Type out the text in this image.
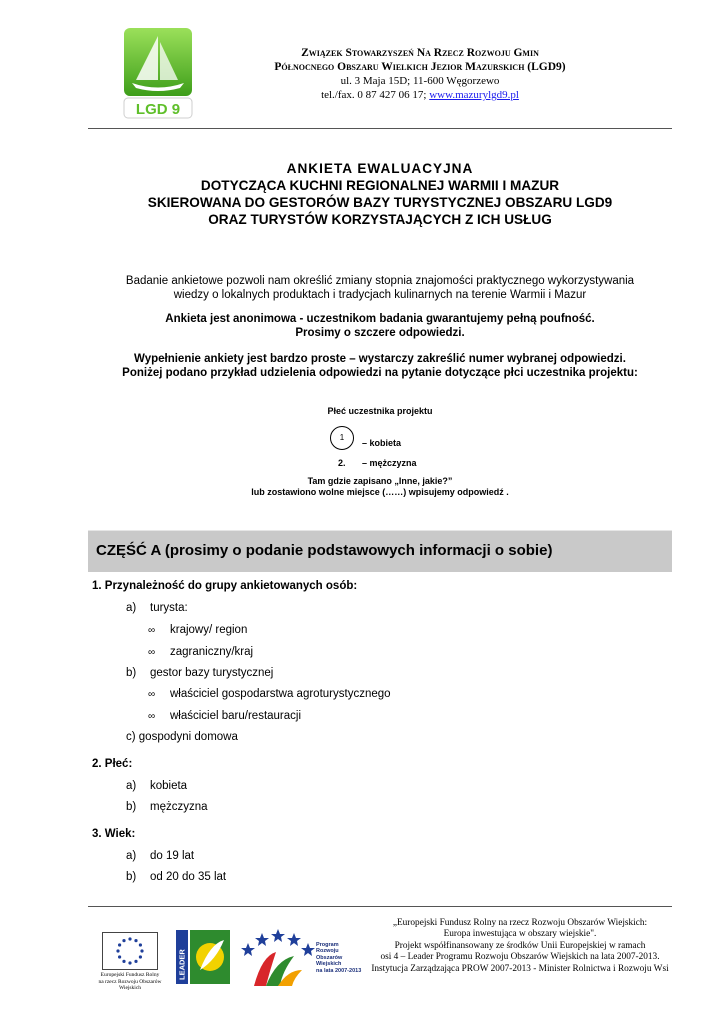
LGD 9
Związek Stowarzyszeń Na Rzecz Rozwoju Gmin
Północnego Obszaru Wielkich Jezior Mazurskich (LGD9)
ul. 3 Maja 15D; 11-600 Węgorzewo
tel./fax. 0 87 427 06 17; www.mazurylgd9.pl
ANKIETA EWALUACYJNA
DOTYCZĄCA KUCHNI REGIONALNEJ WARMII I MAZUR
SKIEROWANA DO GESTORÓW BAZY TURYSTYCZNEJ OBSZARU LGD9
ORAZ TURYSTÓW KORZYSTAJĄCYCH Z ICH USŁUG
Badanie ankietowe pozwoli nam określić zmiany stopnia znajomości praktycznego wykorzystywania
wiedzy o lokalnych produktach i tradycjach kulinarnych na terenie Warmii i Mazur
Ankieta jest anonimowa - uczestnikom badania gwarantujemy pełną poufność.
Prosimy o szczere odpowiedzi.
Wypełnienie ankiety jest bardzo proste – wystarczy zakreślić numer wybranej odpowiedzi.
Poniżej podano przykład udzielenia odpowiedzi na pytanie dotyczące płci uczestnika projektu:
Płeć uczestnika projektu
1
– kobieta
2. – mężczyzna
Tam gdzie zapisano „Inne, jakie?”
lub zostawiono wolne miejsce (……) wpisujemy odpowiedź .
CZĘŚĆ A (prosimy o podanie podstawowych informacji o sobie)
1. Przynależność do grupy ankietowanych osób:
a) turysta:
∞ krajowy/ region
∞ zagraniczny/kraj
b) gestor bazy turystycznej
∞ właściciel gospodarstwa agroturystycznego
∞ właściciel baru/restauracji
c) gospodyni domowa
2. Płeć:
a) kobieta
b) mężczyzna
3. Wiek:
a) do 19 lat
b) od 20 do 35 lat
Europejski Fundusz Rolny
na rzecz Rozwoju Obszarów Wiejskich
LEADER
Program
Rozwoju
Obszarów
Wiejskich
na lata 2007-2013
„Europejski Fundusz Rolny na rzecz Rozwoju Obszarów Wiejskich:
Europa inwestująca w obszary wiejskie".
Projekt współfinansowany ze środków Unii Europejskiej w ramach
osi 4 – Leader Programu Rozwoju Obszarów Wiejskich na lata 2007-2013.
Instytucja Zarządzająca PROW 2007-2013 - Minister Rolnictwa i Rozwoju Wsi
